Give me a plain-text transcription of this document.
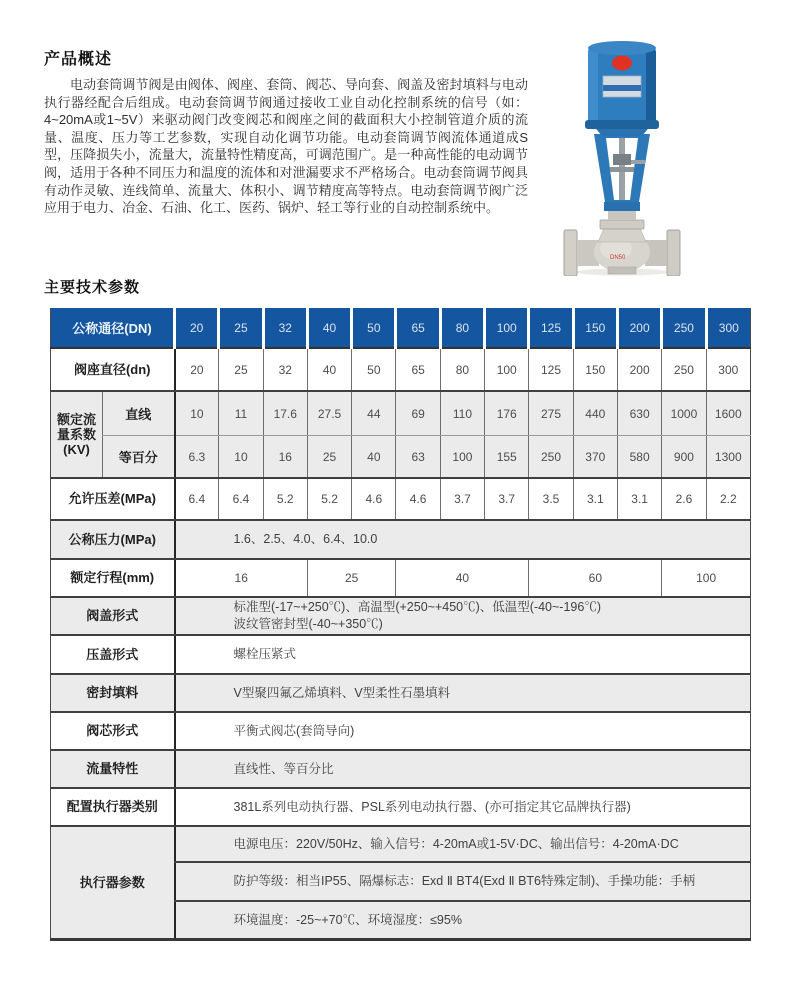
产品概述
电动套筒调节阀是由阀体、阀座、套筒、阀芯、导向套、阀盖及密封填料与电动执行器经配合后组成。电动套筒调节阀通过接收工业自动化控制系统的信号（如：4~20mA或1~5V）来驱动阀门改变阀芯和阀座之间的截面积大小控制管道介质的流量、温度、压力等工艺参数，实现自动化调节功能。电动套筒调节阀流体通道成S型，压降损失小，流量大，流量特性精度高，可调范围广。是一种高性能的电动调节阀，适用于各种不同压力和温度的流体和对泄漏要求不严格场合。电动套筒调节阀具有动作灵敏、连线简单、流量大、体积小、调节精度高等特点。电动套筒调节阀广泛应用于电力、冶金、石油、化工、医药、锅炉、轻工等行业的自动控制系统中。
DN50
主要技术参数
公称通径(DN)		20	25	32	40	50	65	80	100	125	150	200	250	300
阀座直径(dn)		20	25	32	40	50	65	80	100	125	150	200	250	300
额定流量系数(KV)	直线	10	11	17.6	27.5	44	69	110	176	275	440	630	1000	1600
	等百分	6.3	10	16	25	40	63	100	155	250	370	580	900	1300
允许压差(MPa)		6.4	6.4	5.2	5.2	4.6	4.6	3.7	3.7	3.5	3.1	3.1	2.6	2.2
公称压力(MPa)		1.6、2.5、4.0、6.4、10.0												
额定行程(mm)		16			25		40			60			100	
阀盖形式		标准型(-17~+250℃)、高温型(+250~+450℃)、低温型(-40~-196℃)
波纹管密封型(-40~+350℃)												

压盖形式		螺栓压紧式												
密封填料		V型聚四氟乙烯填料、V型柔性石墨填料												
阀芯形式		平衡式阀芯(套筒导向)												
流量特性		直线性、等百分比												
配置执行器类别		381L系列电动执行器、PSL系列电动执行器、(亦可指定其它品牌执行器)												
执行器参数		电源电压：220V/50Hz、输入信号：4-20mA或1-5V·DC、输出信号：4-20mA·DC												
		防护等级：相当IP55、隔爆标志：Exd Ⅱ BT4(Exd Ⅱ BT6特殊定制)、手操功能：手柄												
		环境温度：-25~+70℃、环境湿度：≤95%												
